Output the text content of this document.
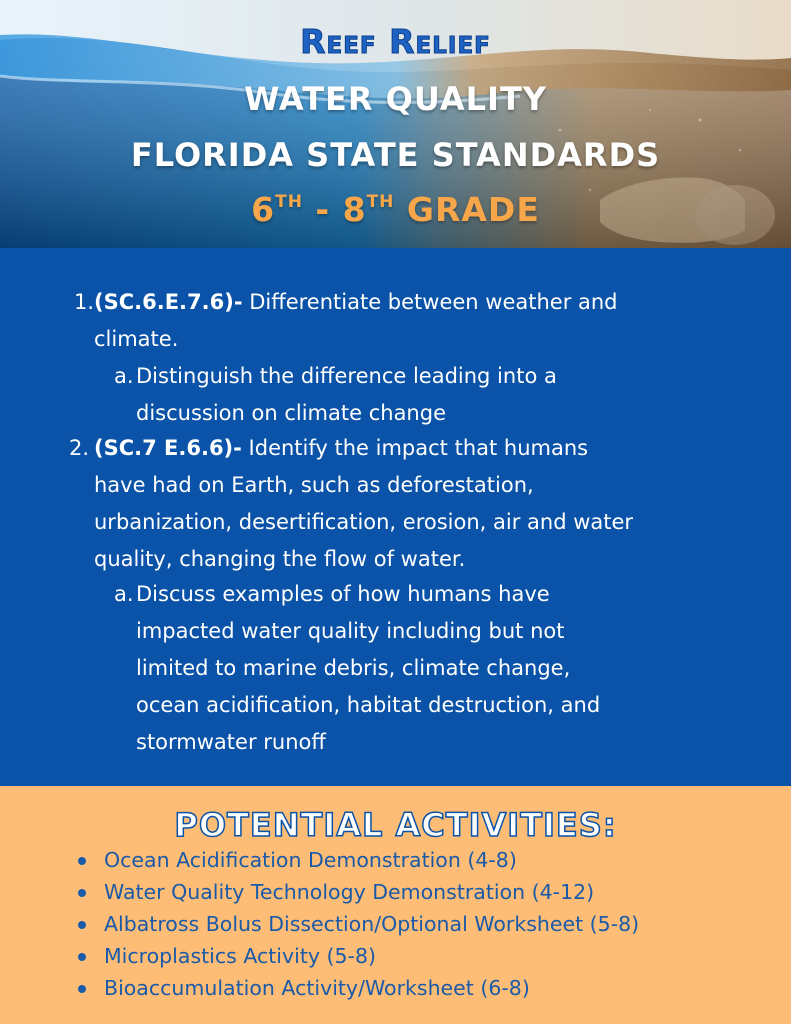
Reef Relief
WATER QUALITY
FLORIDA STATE STANDARDS
6TH - 8TH GRADE
1. (SC.6.E.7.6)- Differentiate between weather and
climate.
a. Distinguish the difference leading into a
discussion on climate change
2. (SC.7 E.6.6)- Identify the impact that humans
have had on Earth, such as deforestation,
urbanization, desertification, erosion, air and water
quality, changing the flow of water.
a. Discuss examples of how humans have
impacted water quality including but not
limited to marine debris, climate change,
ocean acidification, habitat destruction, and
stormwater runoff
POTENTIAL ACTIVITIES:
Ocean Acidification Demonstration (4-8)
Water Quality Technology Demonstration (4-12)
Albatross Bolus Dissection/Optional Worksheet (5-8)
Microplastics Activity (5-8)
Bioaccumulation Activity/Worksheet (6-8)
